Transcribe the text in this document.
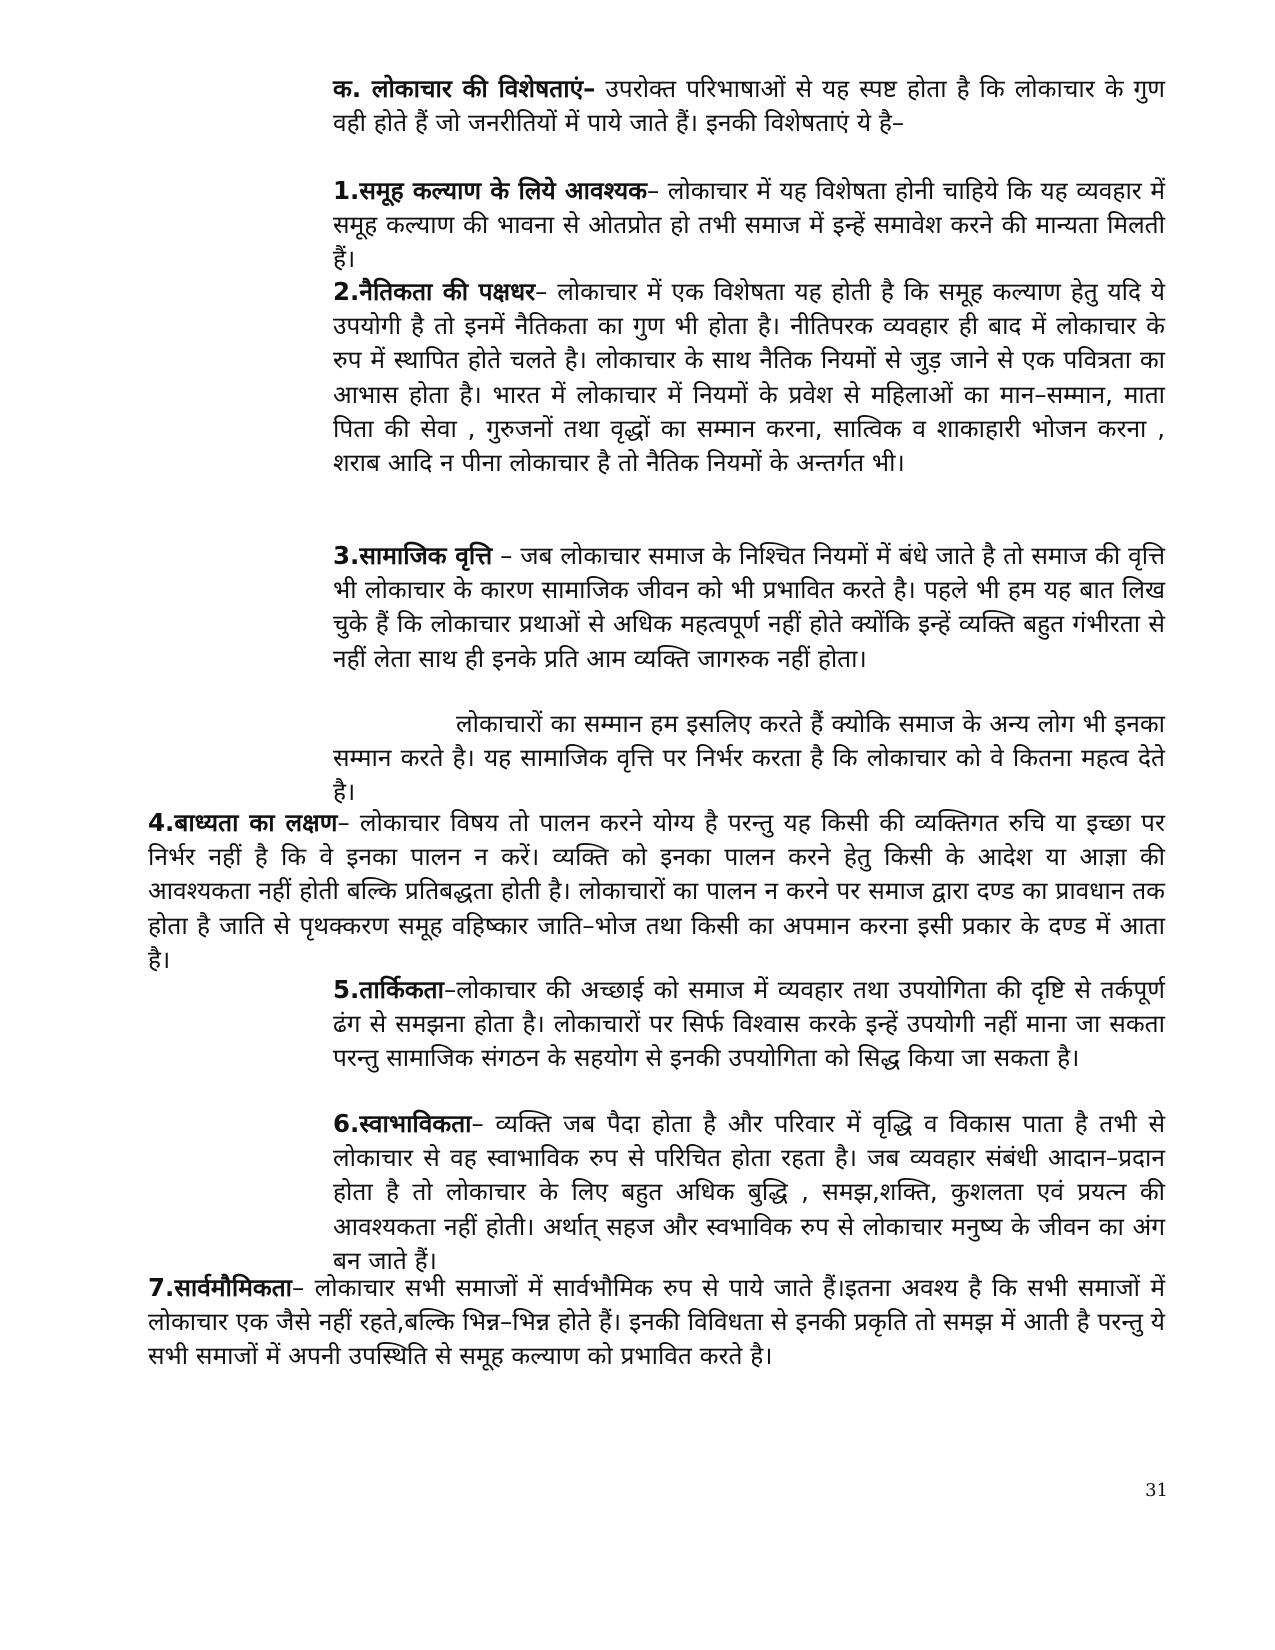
क. लोकाचार की विशेषताएं– उपरोक्त परिभाषाओं से यह स्पष्ट होता है कि लोकाचार के गुण वही होते हैं जो जनरीतियों में पाये जाते हैं। इनकी विशेषताएं ये है–

1.समूह कल्याण के लिये आवश्यक– लोकाचार में यह विशेषता होनी चाहिये कि यह व्यवहार में समूह कल्याण की भावना से ओतप्रोत हो तभी समाज में इन्हें समावेश करने की मान्यता मिलती हैं।

2.नैतिकता की पक्षधर– लोकाचार में एक विशेषता यह होती है कि समूह कल्याण हेतु यदि ये उपयोगी है तो इनमें नैतिकता का गुण भी होता है। नीतिपरक व्यवहार ही बाद में लोकाचार के रुप में स्थापित होते चलते है। लोकाचार के साथ नैतिक नियमों से जुड़ जाने से एक पवित्रता का आभास होता है। भारत में लोकाचार में नियमों के प्रवेश से महिलाओं का मान–सम्मान, माता पिता की सेवा , गुरुजनों तथा वृद्धों का सम्मान करना, सात्विक व शाकाहारी भोजन करना , शराब आदि न पीना लोकाचार है तो नैतिक नियमों के अन्तर्गत भी।

3.सामाजिक वृत्ति – जब लोकाचार समाज के निश्चित नियमों में बंधे जाते है तो समाज की वृत्ति भी लोकाचार के कारण सामाजिक जीवन को भी प्रभावित करते है। पहले भी हम यह बात लिख चुके हैं कि लोकाचार प्रथाओं से अधिक महत्वपूर्ण नहीं होते क्योंकि इन्हें व्यक्ति बहुत गंभीरता से नहीं लेता साथ ही इनके प्रति आम व्यक्ति जागरुक नहीं होता।

लोकाचारों का सम्मान हम इसलिए करते हैं क्योकि समाज के अन्य लोग भी इनका सम्मान करते है। यह सामाजिक वृत्ति पर निर्भर करता है कि लोकाचार को वे कितना महत्व देते है।

4.बाध्यता का लक्षण– लोकाचार विषय तो पालन करने योग्य है परन्तु यह किसी की व्यक्तिगत रुचि या इच्छा पर निर्भर नहीं है कि वे इनका पालन न करें। व्यक्ति को इनका पालन करने हेतु किसी के आदेश या आज्ञा की आवश्यकता नहीं होती बल्कि प्रतिबद्धता होती है। लोकाचारों का पालन न करने पर समाज द्वारा दण्ड का प्रावधान तक होता है जाति से पृथक्करण समूह वहिष्कार जाति–भोज तथा किसी का अपमान करना इसी प्रकार के दण्ड में आता है।

5.तार्किकता–लोकाचार की अच्छाई को समाज में व्यवहार तथा उपयोगिता की दृष्टि से तर्कपूर्ण ढंग से समझना होता है। लोकाचारों पर सिर्फ विश्वास करके इन्हें उपयोगी नहीं माना जा सकता परन्तु सामाजिक संगठन के सहयोग से इनकी उपयोगिता को सिद्ध किया जा सकता है।

6.स्वाभाविकता– व्यक्ति जब पैदा होता है और परिवार में वृद्धि व विकास पाता है तभी से लोकाचार से वह स्वाभाविक रुप से परिचित होता रहता है। जब व्यवहार संबंधी आदान–प्रदान होता है तो लोकाचार के लिए बहुत अधिक बुद्धि , समझ,शक्ति, कुशलता एवं प्रयत्न की आवश्यकता नहीं होती। अर्थात् सहज और स्वभाविक रुप से लोकाचार मनुष्य के जीवन का अंग बन जाते हैं।

7.सार्वमौमिकता– लोकाचार सभी समाजों में सार्वभौमिक रुप से पाये जाते हैं।इतना अवश्य है कि सभी समाजों में लोकाचार एक जैसे नहीं रहते,बल्कि भिन्न–भिन्न होते हैं। इनकी विविधता से इनकी प्रकृति तो समझ में आती है परन्तु ये सभी समाजों में अपनी उपस्थिति से समूह कल्याण को प्रभावित करते है।

31
